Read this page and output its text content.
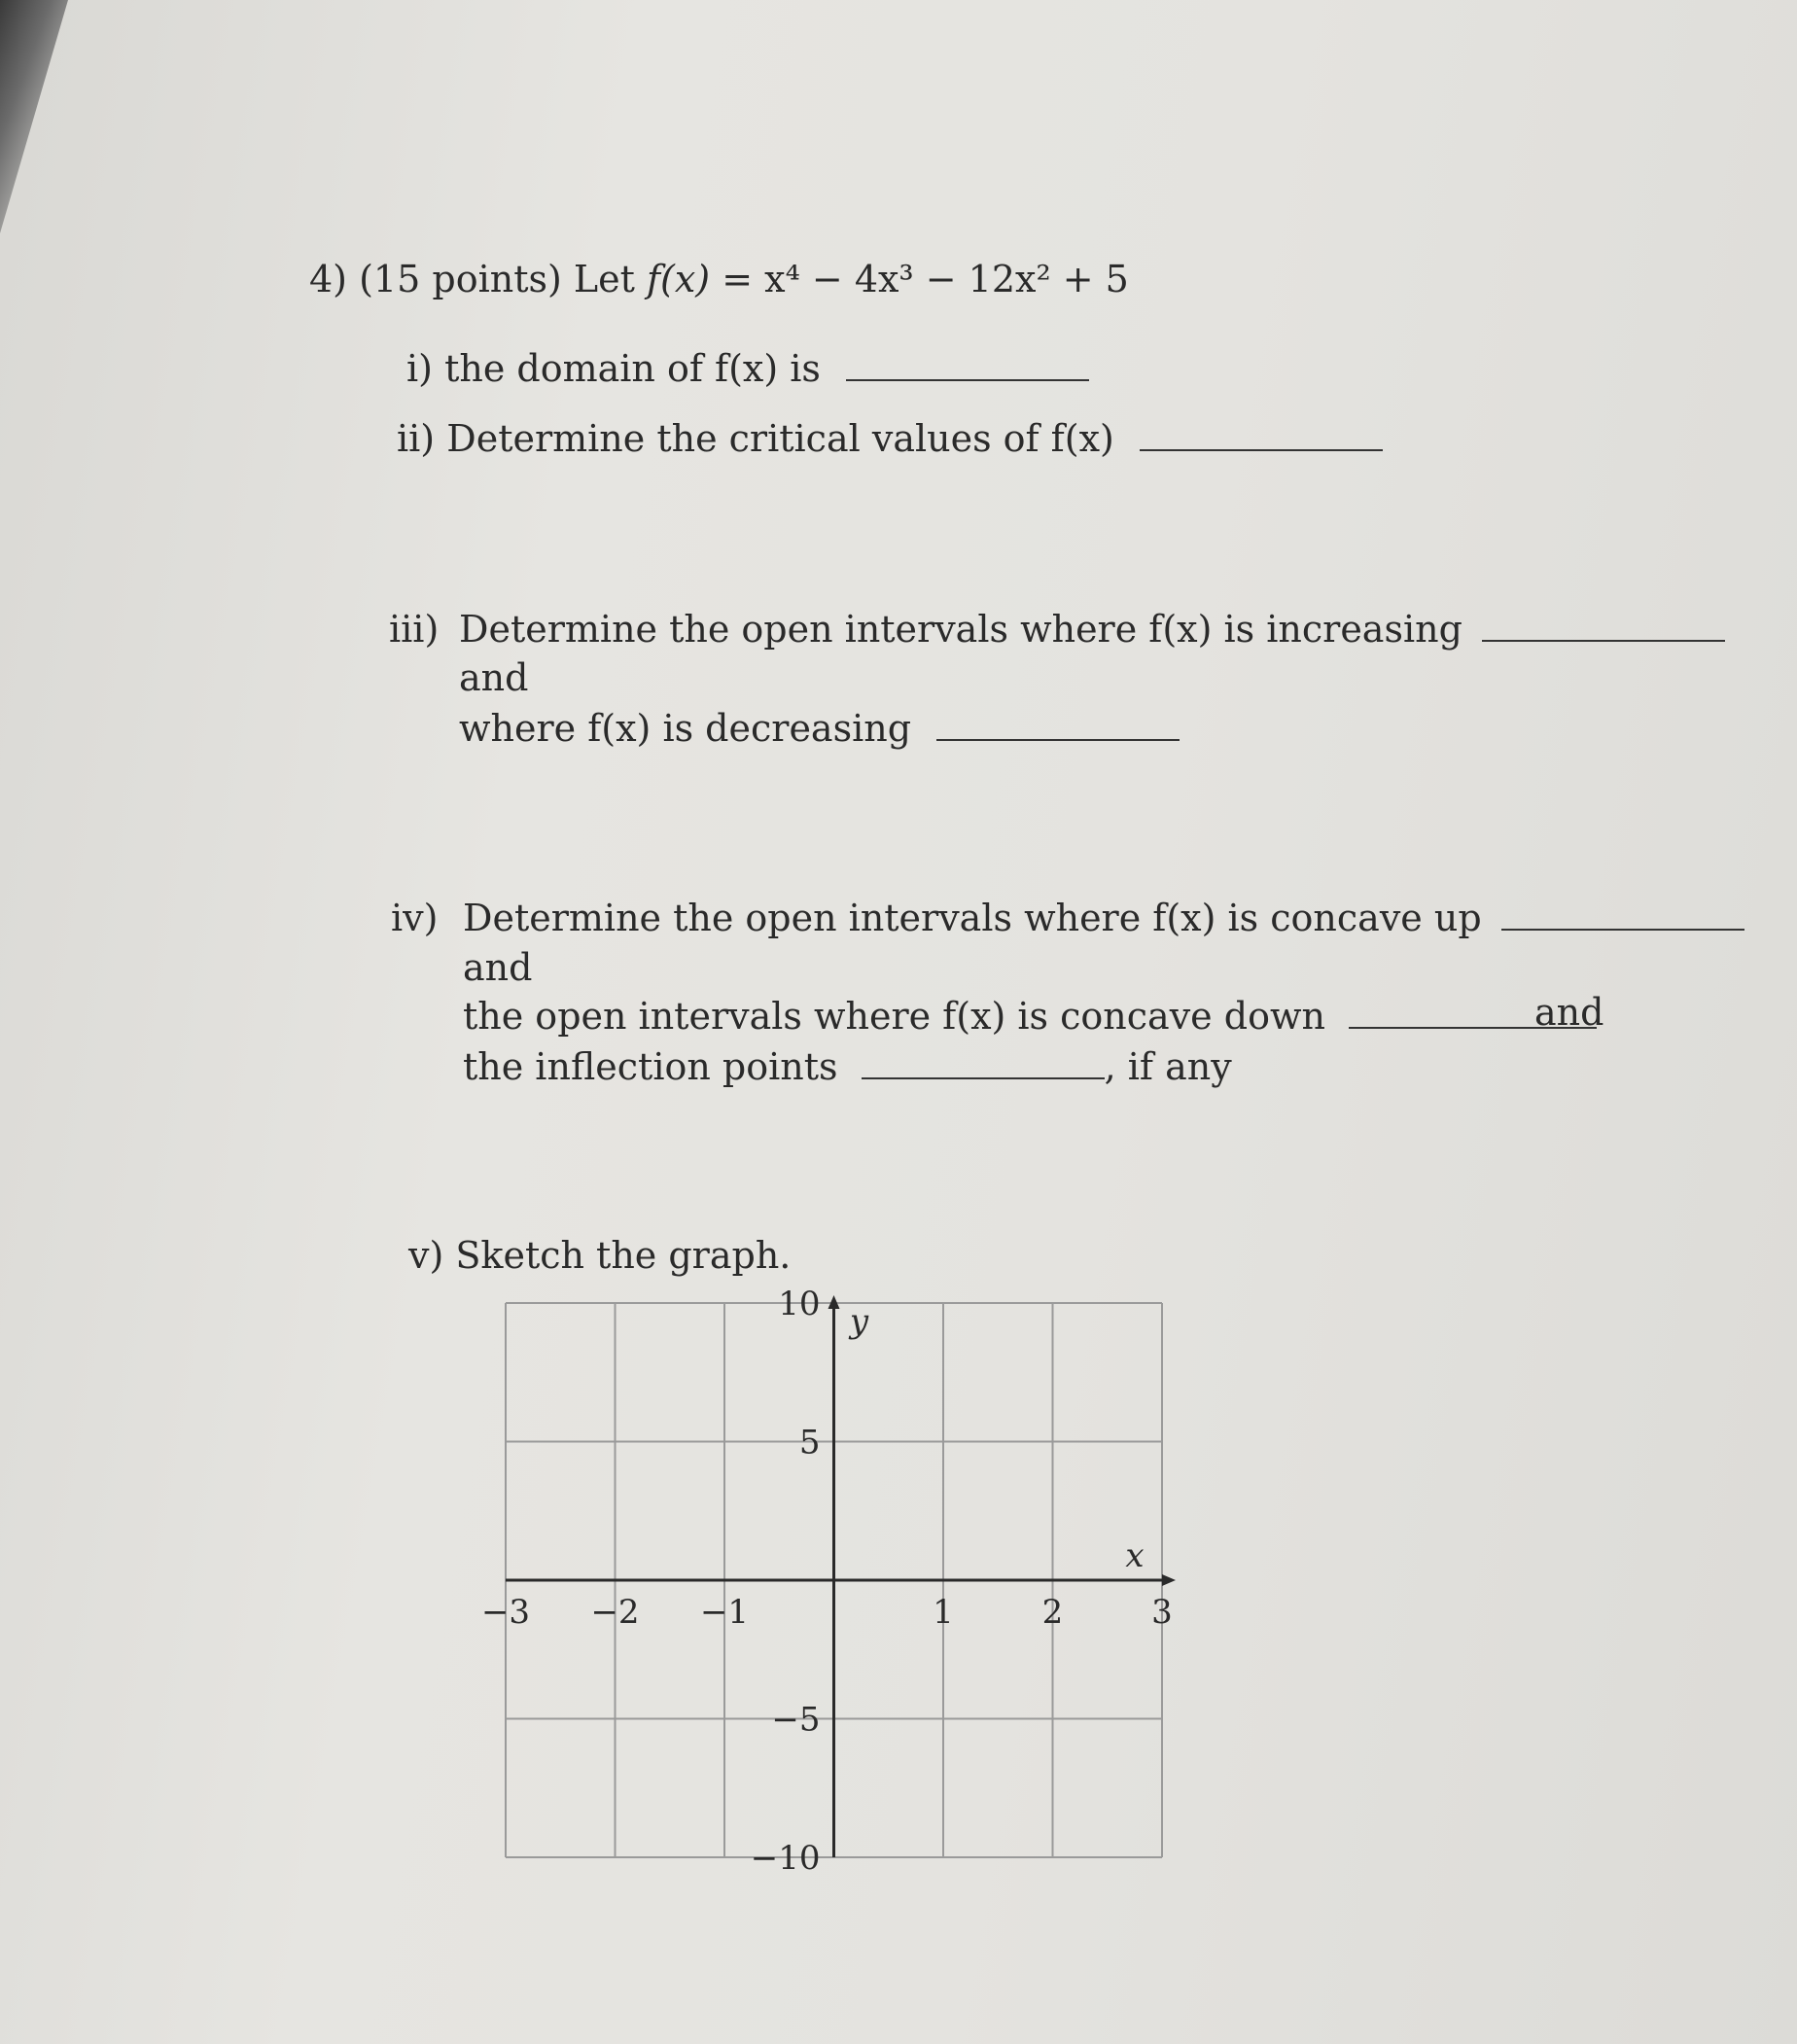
4) (15 points) Let f(x) = x⁴ − 4x³ − 12x² + 5
i) the domain of f(x) is
ii) Determine the critical values of f(x)
iii) Determine the open intervals where f(x) is increasing
and
where f(x) is decreasing
iv) Determine the open intervals where f(x) is concave up
and
the open intervals where f(x) is concave down	and
the inflection points	, if any
v) Sketch the graph.
−3 −2 −1	1	2	3
10
5
−5
−10
x
y
